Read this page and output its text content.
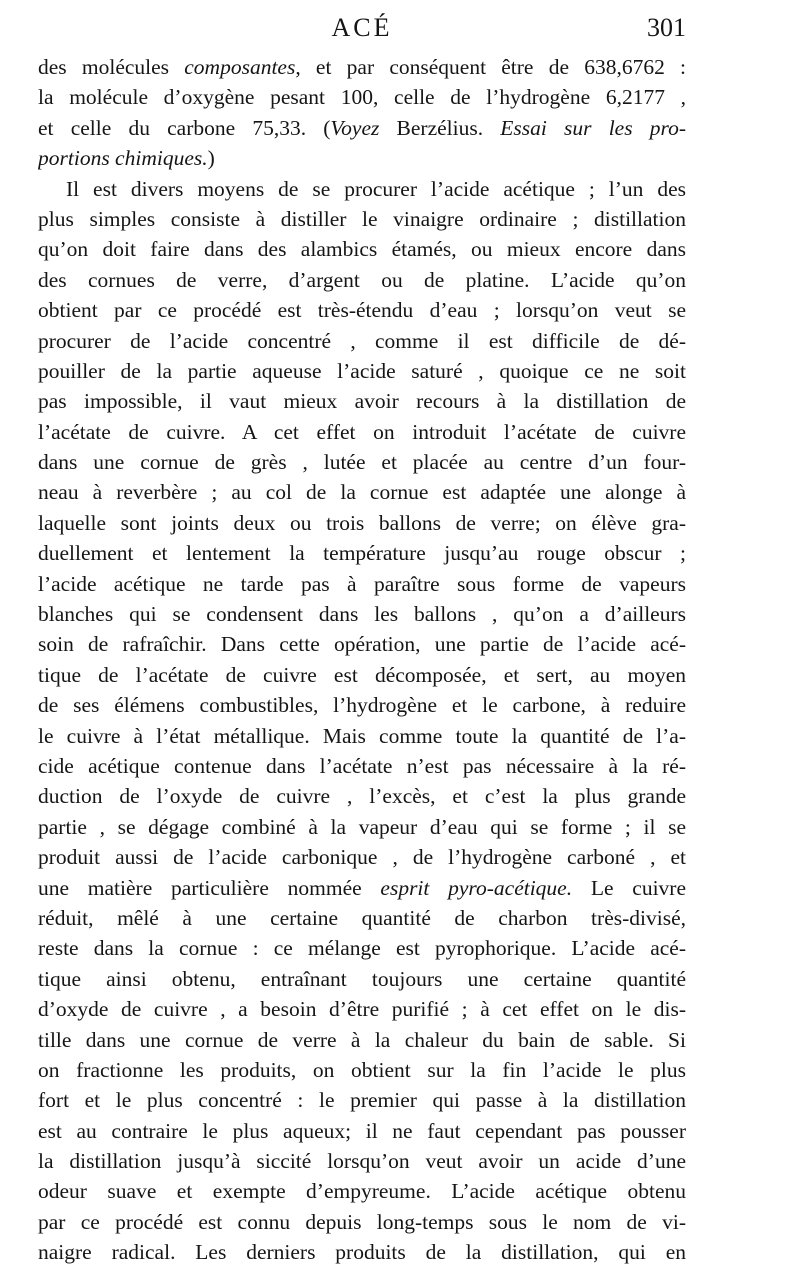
ACÉ	301
des molécules composantes, et par conséquent être de 638,6762 :
la molécule d’oxygène pesant 100, celle de l’hydrogène 6,2177 ,
et celle du carbone 75,33. (Voyez Berzélius. Essai sur les pro-
portions chimiques.)
Il est divers moyens de se procurer l’acide acétique ; l’un des
plus simples consiste à distiller le vinaigre ordinaire ; distillation
qu’on doit faire dans des alambics étamés, ou mieux encore dans
des cornues de verre, d’argent ou de platine. L’acide qu’on
obtient par ce procédé est très-étendu d’eau ; lorsqu’on veut se
procurer de l’acide concentré , comme il est difficile de dé-
pouiller de la partie aqueuse l’acide saturé , quoique ce ne soit
pas impossible, il vaut mieux avoir recours à la distillation de
l’acétate de cuivre. A cet effet on introduit l’acétate de cuivre
dans une cornue de grès , lutée et placée au centre d’un four-
neau à reverbère ; au col de la cornue est adaptée une alonge à
laquelle sont joints deux ou trois ballons de verre; on élève gra-
duellement et lentement la température jusqu’au rouge obscur ;
l’acide acétique ne tarde pas à paraître sous forme de vapeurs
blanches qui se condensent dans les ballons , qu’on a d’ailleurs
soin de rafraîchir. Dans cette opération, une partie de l’acide acé-
tique de l’acétate de cuivre est décomposée, et sert, au moyen
de ses élémens combustibles, l’hydrogène et le carbone, à reduire
le cuivre à l’état métallique. Mais comme toute la quantité de l’a-
cide acétique contenue dans l’acétate n’est pas nécessaire à la ré-
duction de l’oxyde de cuivre , l’excès, et c’est la plus grande
partie , se dégage combiné à la vapeur d’eau qui se forme ; il se
produit aussi de l’acide carbonique , de l’hydrogène carboné , et
une matière particulière nommée esprit pyro-acétique. Le cuivre
réduit, mêlé à une certaine quantité de charbon très-divisé,
reste dans la cornue : ce mélange est pyrophorique. L’acide acé-
tique ainsi obtenu, entraînant toujours une certaine quantité
d’oxyde de cuivre , a besoin d’être purifié ; à cet effet on le dis-
tille dans une cornue de verre à la chaleur du bain de sable. Si
on fractionne les produits, on obtient sur la fin l’acide le plus
fort et le plus concentré : le premier qui passe à la distillation
est au contraire le plus aqueux; il ne faut cependant pas pousser
la distillation jusqu’à siccité lorsqu’on veut avoir un acide d’une
odeur suave et exempte d’empyreume. L’acide acétique obtenu
par ce procédé est connu depuis long-temps sous le nom de vi-
naigre radical. Les derniers produits de la distillation, qui en
